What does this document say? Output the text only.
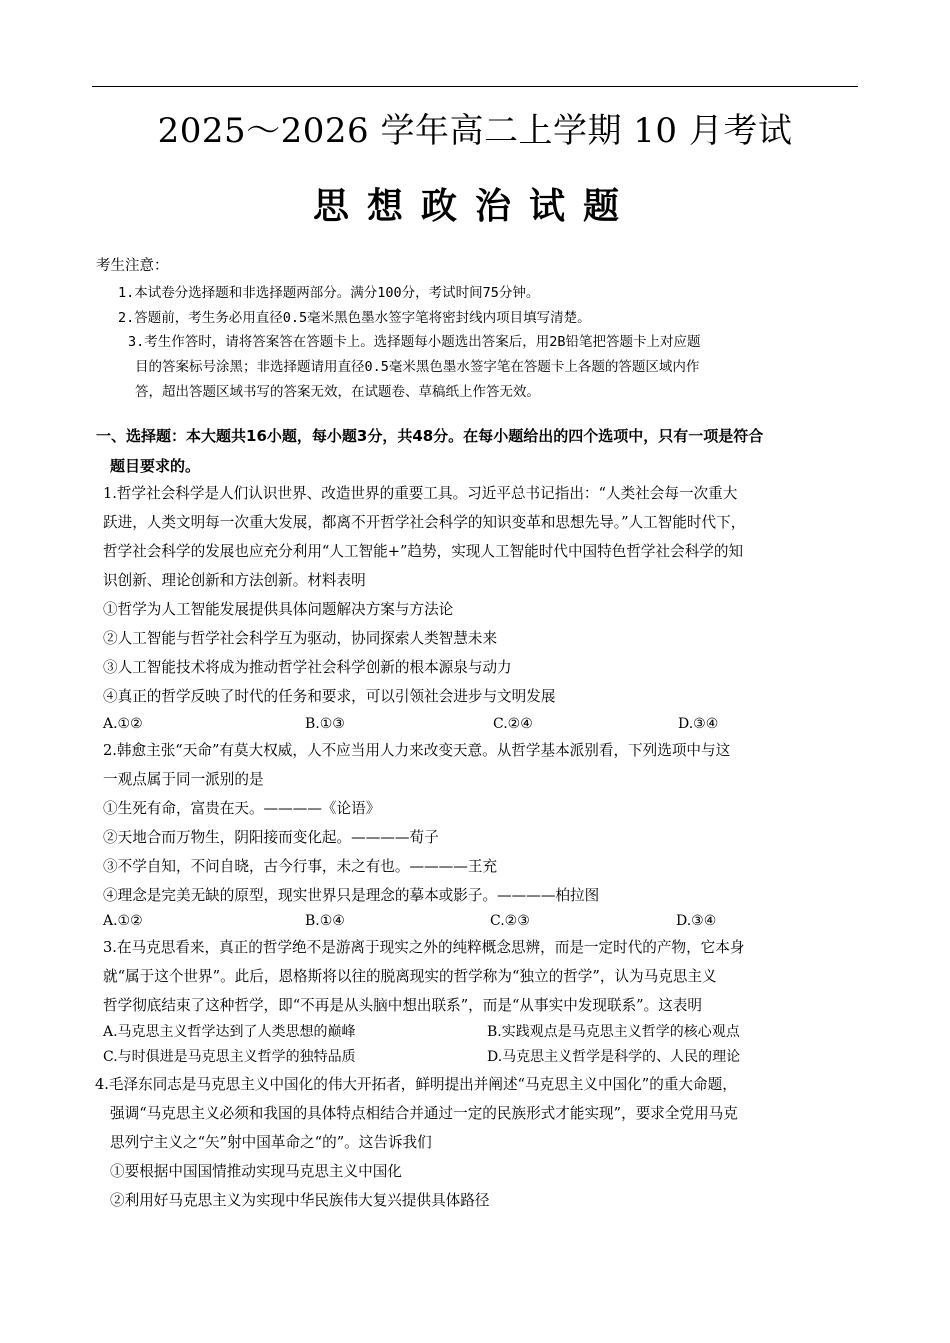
2025～2026 学年高二上学期 10 月考试
思想政治试题
考生注意：
1.本试卷分选择题和非选择题两部分。满分100分，考试时间75分钟。
2.答题前，考生务必用直径0.5毫米黑色墨水签字笔将密封线内项目填写清楚。
3.考生作答时，请将答案答在答题卡上。选择题每小题选出答案后，用2B铅笔把答题卡上对应题
目的答案标号涂黑；非选择题请用直径0.5毫米黑色墨水签字笔在答题卡上各题的答题区域内作
答，超出答题区域书写的答案无效，在试题卷、草稿纸上作答无效。
一、选择题：本大题共16小题，每小题3分，共48分。在每小题给出的四个选项中，只有一项是符合
题目要求的。
1.哲学社会科学是人们认识世界、改造世界的重要工具。习近平总书记指出：“人类社会每一次重大
跃进，人类文明每一次重大发展，都离不开哲学社会科学的知识变革和思想先导。”人工智能时代下，
哲学社会科学的发展也应充分利用“人工智能+”趋势，实现人工智能时代中国特色哲学社会科学的知
识创新、理论创新和方法创新。材料表明
①哲学为人工智能发展提供具体问题解决方案与方法论
②人工智能与哲学社会科学互为驱动，协同探索人类智慧未来
③人工智能技术将成为推动哲学社会科学创新的根本源泉与动力
④真正的哲学反映了时代的任务和要求，可以引领社会进步与文明发展
A.①②	B.①③	C.②④	D.③④
2.韩愈主张“天命”有莫大权威，人不应当用人力来改变天意。从哲学基本派别看，下列选项中与这
一观点属于同一派别的是
①生死有命，富贵在天。————《论语》
②天地合而万物生，阴阳接而变化起。————荀子
③不学自知，不问自晓，古今行事，未之有也。————王充
④理念是完美无缺的原型，现实世界只是理念的摹本或影子。————柏拉图
A.①②	B.①④	C.②③	D.③④
3.在马克思看来，真正的哲学绝不是游离于现实之外的纯粹概念思辨，而是一定时代的产物，它本身
就“属于这个世界”。此后，恩格斯将以往的脱离现实的哲学称为“独立的哲学”，认为马克思主义
哲学彻底结束了这种哲学，即“不再是从头脑中想出联系”，而是“从事实中发现联系”。这表明
A.马克思主义哲学达到了人类思想的巅峰	B.实践观点是马克思主义哲学的核心观点
C.与时俱进是马克思主义哲学的独特品质	D.马克思主义哲学是科学的、人民的理论
4.毛泽东同志是马克思主义中国化的伟大开拓者，鲜明提出并阐述“马克思主义中国化”的重大命题，
强调“马克思主义必须和我国的具体特点相结合并通过一定的民族形式才能实现”，要求全党用马克
思列宁主义之“矢”射中国革命之“的”。这告诉我们
①要根据中国国情推动实现马克思主义中国化
②利用好马克思主义为实现中华民族伟大复兴提供具体路径
